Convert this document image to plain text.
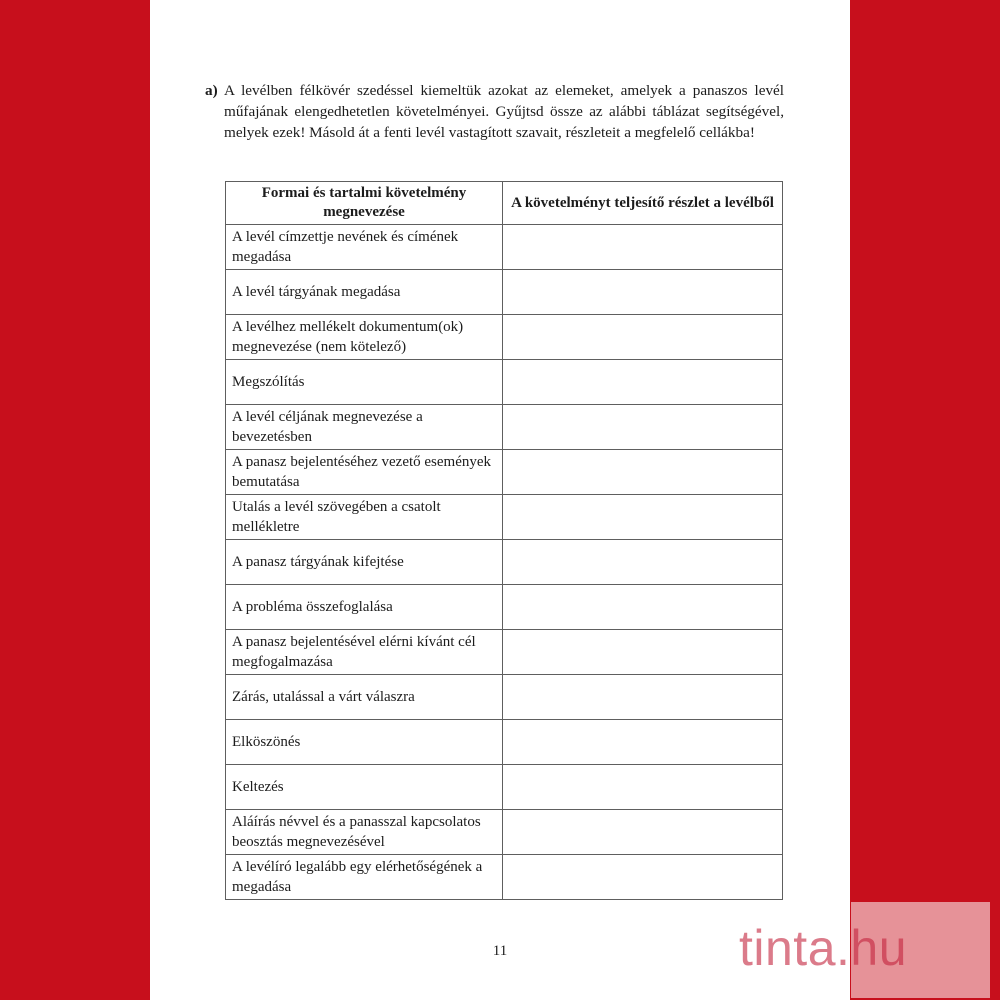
a) A levélben félkövér szedéssel kiemeltük azokat az elemeket, amelyek a panaszos levél műfajának elengedhetetlen követelményei. Gyűjtsd össze az alábbi táblázat segítségével, melyek ezek! Másold át a fenti levél vastagított szavait, részleteit a megfelelő cellákba!
Formai és tartalmi követelmény megnevezése	A követelményt teljesítő részlet a levélből
A levél címzettje nevének és címének megadása	
A levél tárgyának megadása	
A levélhez mellékelt dokumentum(ok) megnevezése (nem kötelező)	
Megszólítás	
A levél céljának megnevezése a bevezetésben	
A panasz bejelentéséhez vezető események bemutatása	
Utalás a levél szövegében a csatolt mellékletre	
A panasz tárgyának kifejtése	
A probléma összefoglalása	
A panasz bejelentésével elérni kívánt cél megfogalmazása	
Zárás, utalással a várt válaszra	
Elköszönés	
Keltezés	
Aláírás névvel és a panasszal kapcsolatos beosztás megnevezésével	
A levélíró legalább egy elérhetőségének a megadása	
11	tinta.hu
